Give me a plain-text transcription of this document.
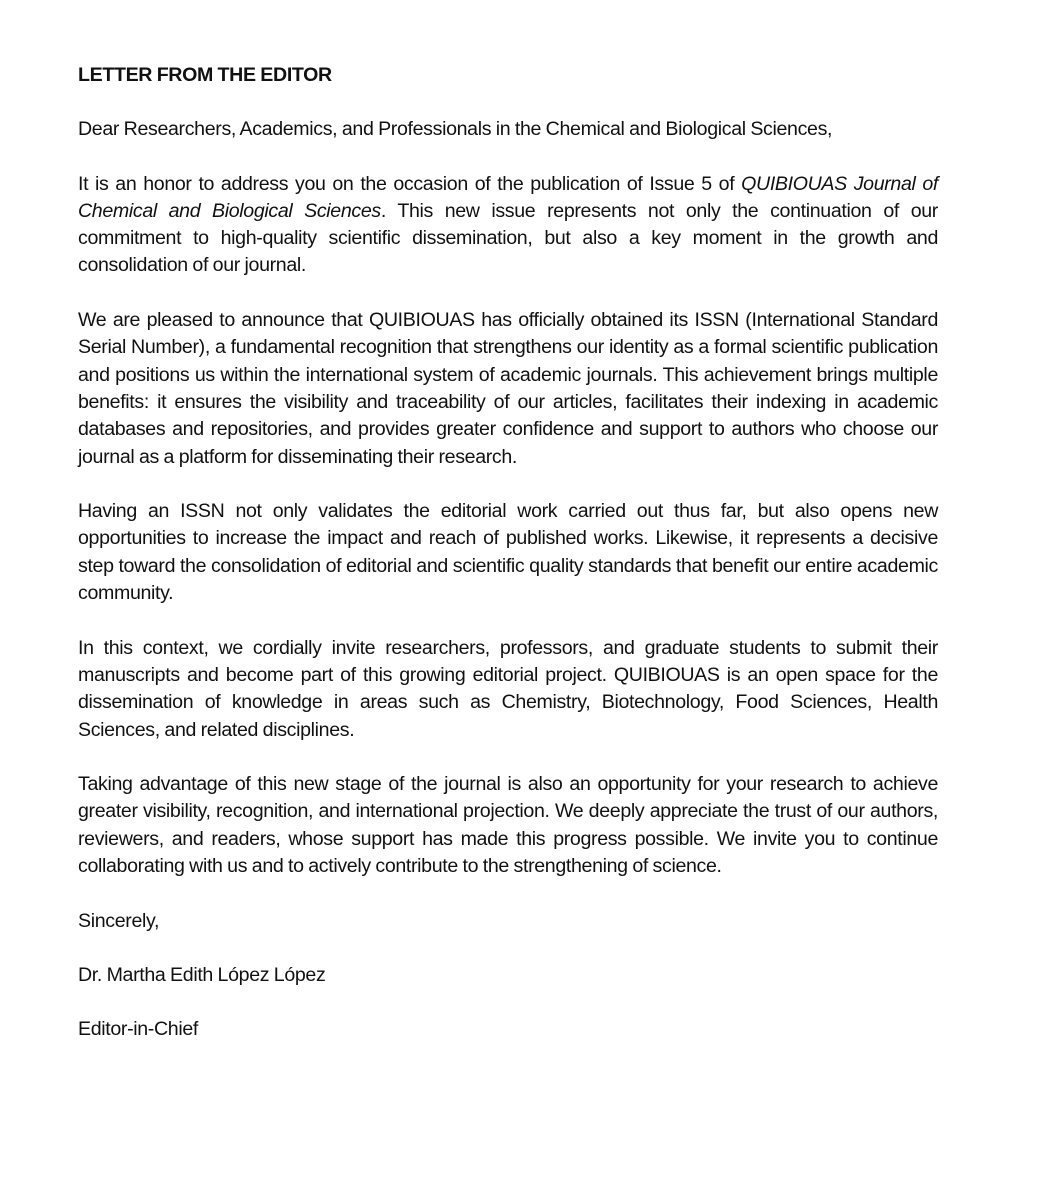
LETTER FROM THE EDITOR
Dear Researchers, Academics, and Professionals in the Chemical and Biological Sciences,
It is an honor to address you on the occasion of the publication of Issue 5 of QUIBIOUAS Journal of Chemical and Biological Sciences. This new issue represents not only the continuation of our commitment to high-quality scientific dissemination, but also a key moment in the growth and consolidation of our journal.
We are pleased to announce that QUIBIOUAS has officially obtained its ISSN (International Standard Serial Number), a fundamental recognition that strengthens our identity as a formal scientific publication and positions us within the international system of academic journals. This achievement brings multiple benefits: it ensures the visibility and traceability of our articles, facilitates their indexing in academic databases and repositories, and provides greater confidence and support to authors who choose our journal as a platform for disseminating their research.
Having an ISSN not only validates the editorial work carried out thus far, but also opens new opportunities to increase the impact and reach of published works. Likewise, it represents a decisive step toward the consolidation of editorial and scientific quality standards that benefit our entire academic community.
In this context, we cordially invite researchers, professors, and graduate students to submit their manuscripts and become part of this growing editorial project. QUIBIOUAS is an open space for the dissemination of knowledge in areas such as Chemistry, Biotechnology, Food Sciences, Health Sciences, and related disciplines.
Taking advantage of this new stage of the journal is also an opportunity for your research to achieve greater visibility, recognition, and international projection. We deeply appreciate the trust of our authors, reviewers, and readers, whose support has made this progress possible. We invite you to continue collaborating with us and to actively contribute to the strengthening of science.
Sincerely,
Dr. Martha Edith López López
Editor-in-Chief
